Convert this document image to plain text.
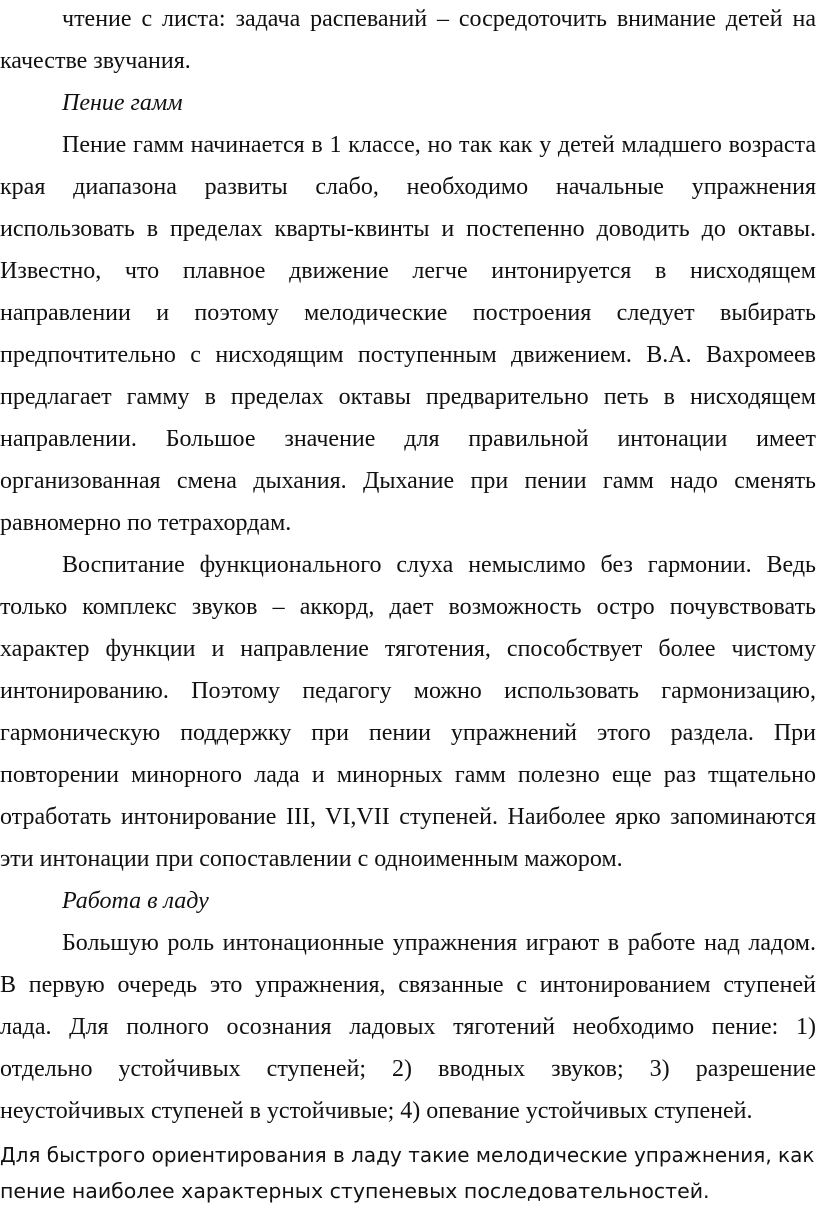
чтение с листа: задача распеваний – сосредоточить внимание детей на
качестве звучания.
Пение гамм
Пение гамм начинается в 1 классе, но так как у детей младшего возраста
края диапазона развиты слабо, необходимо начальные упражнения
использовать в пределах кварты-квинты и постепенно доводить до октавы.
Известно, что плавное движение легче интонируется в нисходящем
направлении и поэтому мелодические построения следует выбирать
предпочтительно с нисходящим поступенным движением. В.А. Вахромеев
предлагает гамму в пределах октавы предварительно петь в нисходящем
направлении. Большое значение для правильной интонации имеет
организованная смена дыхания. Дыхание при пении гамм надо сменять
равномерно по тетрахордам.
Воспитание функционального слуха немыслимо без гармонии. Ведь
только комплекс звуков – аккорд, дает возможность остро почувствовать
характер функции и направление тяготения, способствует более чистому
интонированию. Поэтому педагогу можно использовать гармонизацию,
гармоническую поддержку при пении упражнений этого раздела. При
повторении минорного лада и минорных гамм полезно еще раз тщательно
отработать интонирование III, VI,VII ступеней. Наиболее ярко запоминаются
эти интонации при сопоставлении с одноименным мажором.
Работа в ладу
Большую роль интонационные упражнения играют в работе над ладом.
В первую очередь это упражнения, связанные с интонированием ступеней
лада. Для полного осознания ладовых тяготений необходимо пение: 1)
отдельно устойчивых ступеней; 2) вводных звуков; 3) разрешение
неустойчивых ступеней в устойчивые; 4) опевание устойчивых ступеней.
Для быстрого ориентирования в ладу такие мелодические упражнения, как
пение наиболее характерных ступеневых последовательностей.
